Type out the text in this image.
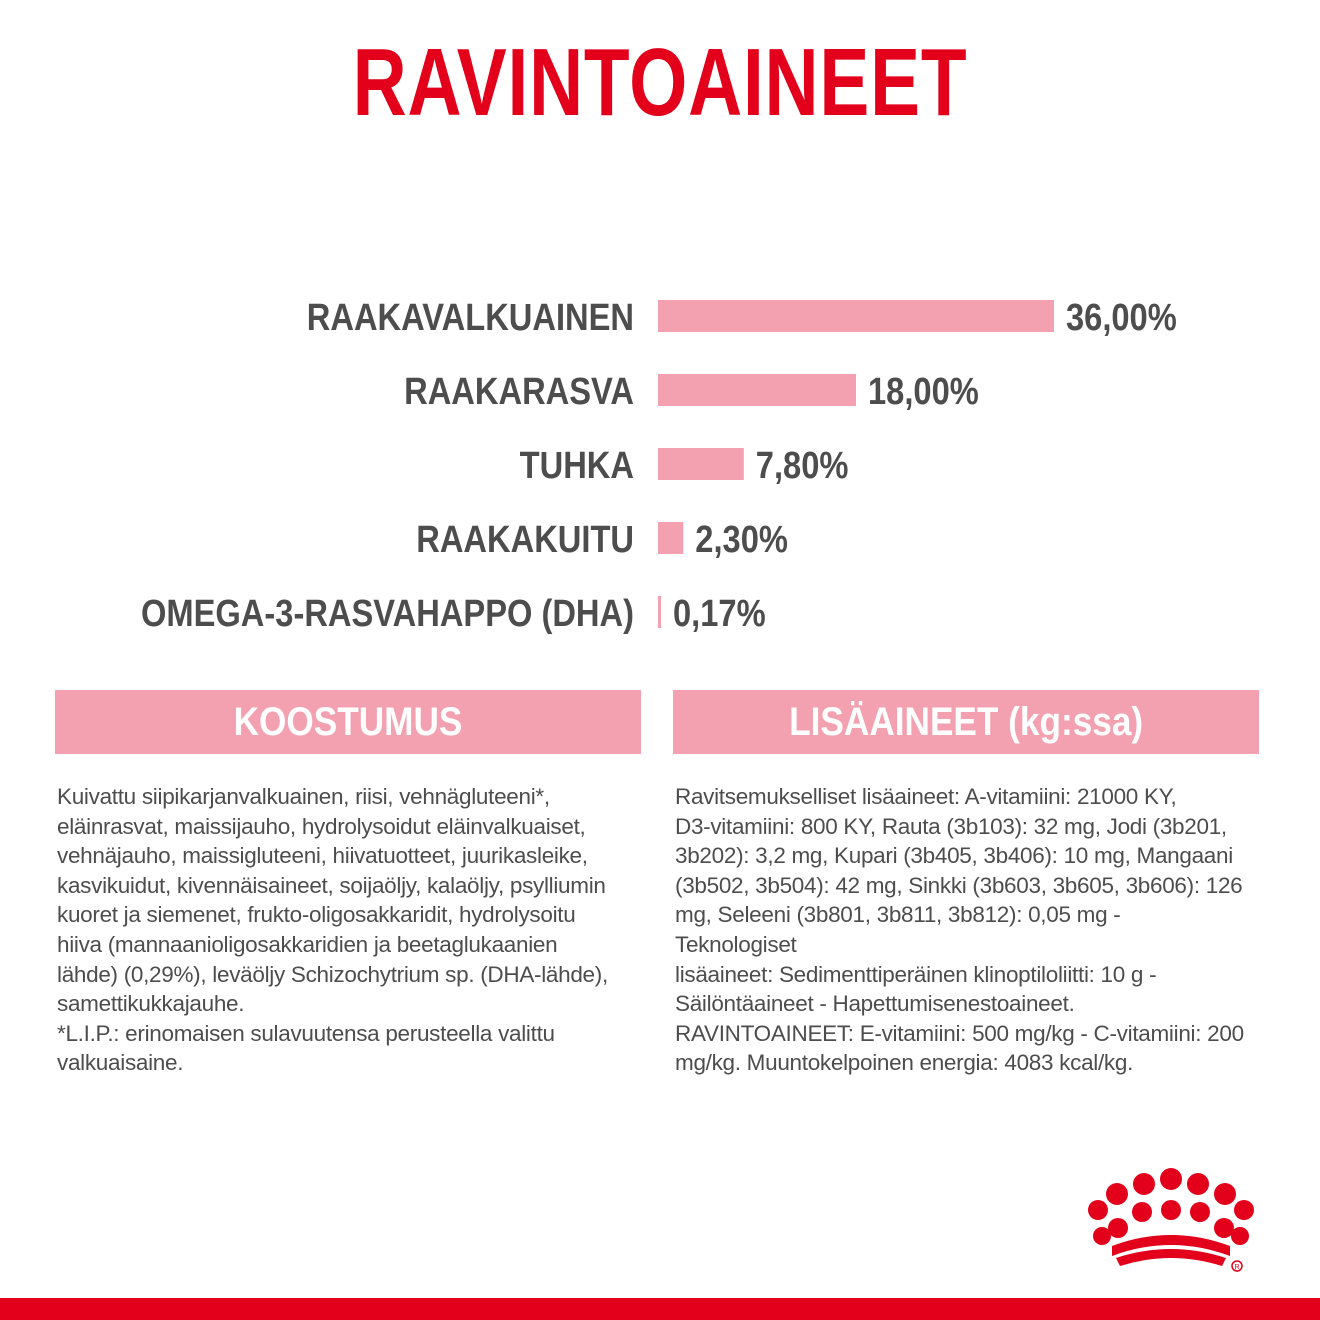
RAVINTOAINEET
RAAKAVALKUAINEN	36,00%
RAAKARASVA	18,00%
TUHKA	7,80%
RAAKAKUITU 2,30%
OMEGA-3-RASVAHAPPO (DHA) 0,17%
KOOSTUMUS	LISÄAINEET (kg:ssa)
Kuivattu siipikarjanvalkuainen, riisi, vehnägluteeni*,
eläinrasvat, maissijauho, hydrolysoidut eläinvalkuaiset,
vehnäjauho, maissigluteeni, hiivatuotteet, juurikasleike,
kasvikuidut, kivennäisaineet, soijaöljy, kalaöljy, psylliumin
kuoret ja siemenet, frukto-oligosakkaridit, hydrolysoitu
hiiva (mannaanioligosakkaridien ja beetaglukaanien
lähde) (0,29%), leväöljy Schizochytrium sp. (DHA-lähde),
samettikukkajauhe.
*L.I.P.: erinomaisen sulavuutensa perusteella valittu
valkuaisaine.
Ravitsemukselliset lisäaineet: A-vitamiini: 21000 KY,
D3-vitamiini: 800 KY, Rauta (3b103): 32 mg, Jodi (3b201,
3b202): 3,2 mg, Kupari (3b405, 3b406): 10 mg, Mangaani
(3b502, 3b504): 42 mg, Sinkki (3b603, 3b605, 3b606): 126
mg, Seleeni (3b801, 3b811, 3b812): 0,05 mg - Teknologiset
lisäaineet: Sedimenttiperäinen klinoptiloliitti: 10 g -
Säilöntäaineet - Hapettumisenestoaineet.
RAVINTOAINEET: E-vitamiini: 500 mg/kg - C-vitamiini: 200
mg/kg. Muuntokelpoinen energia: 4083 kcal/kg.
R
